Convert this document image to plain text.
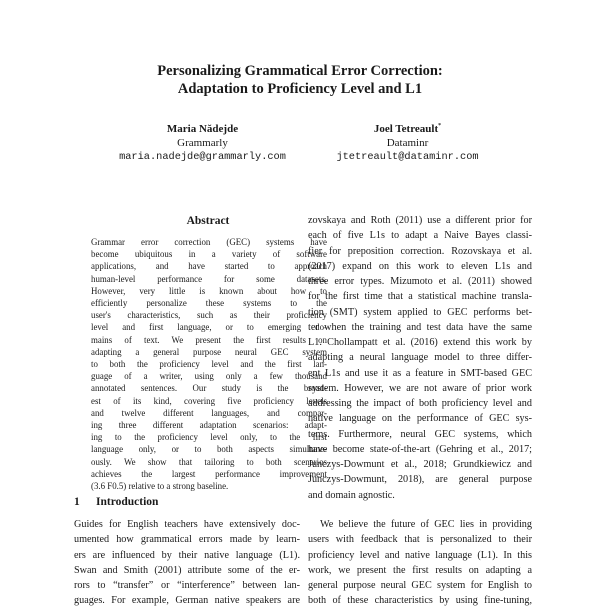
Personalizing Grammatical Error Correction:
Adaptation to Proficiency Level and L1
Maria Nădejde
Grammarly
maria.nadejde@grammarly.com
Joel Tetreault*
Dataminr
jtetreault@dataminr.com
Abstract
Grammar error correction (GEC) systems have
become ubiquitous in a variety of software
applications, and have started to approach
human-level performance for some datasets.
However, very little is known about how to
efficiently personalize these systems to the
user's characteristics, such as their proficiency
level and first language, or to emerging do-
mains of text. We present the first results on
adapting a general purpose neural GEC system
to both the proficiency level and the first lan-
guage of a writer, using only a few thousand
annotated sentences. Our study is the broad-
est of its kind, covering five proficiency levels
and twelve different languages, and compar-
ing three different adaptation scenarios: adapt-
ing to the proficiency level only, to the first
language only, or to both aspects simultane-
ously. We show that tailoring to both scenarios
achieves the largest performance improvement
(3.6 F0.5) relative to a strong baseline.
zovskaya and Roth (2011) use a different prior for
each of five L1s to adapt a Naive Bayes classi-
fier for preposition correction. Rozovskaya et al.
(2017) expand on this work to eleven L1s and
three error types. Mizumoto et al. (2011) showed
for the first time that a statistical machine transla-
tion (SMT) system applied to GEC performs bet-
ter when the training and test data have the same
L1. Chollampatt et al. (2016) extend this work by
adapting a neural language model to three differ-
ent L1s and use it as a feature in SMT-based GEC
system. However, we are not aware of prior work
addressing the impact of both proficiency level and
native language on the performance of GEC sys-
tems. Furthermore, neural GEC systems, which
have become state-of-the-art (Gehring et al., 2017;
Junczys-Dowmunt et al., 2018; Grundkiewicz and
Junczys-Dowmunt, 2018), are general purpose
and domain agnostic.
1 Introduction
Guides for English teachers have extensively doc-
umented how grammatical errors made by learn-
ers are influenced by their native language (L1).
Swan and Smith (2001) attribute some of the er-
rors to “transfer” or “interference” between lan-
guages. For example, German native speakers are
We believe the future of GEC lies in providing
users with feedback that is personalized to their
proficiency level and native language (L1). In this
work, we present the first results on adapting a
general purpose neural GEC system for English to
both of these characteristics by using fine-tuning,
